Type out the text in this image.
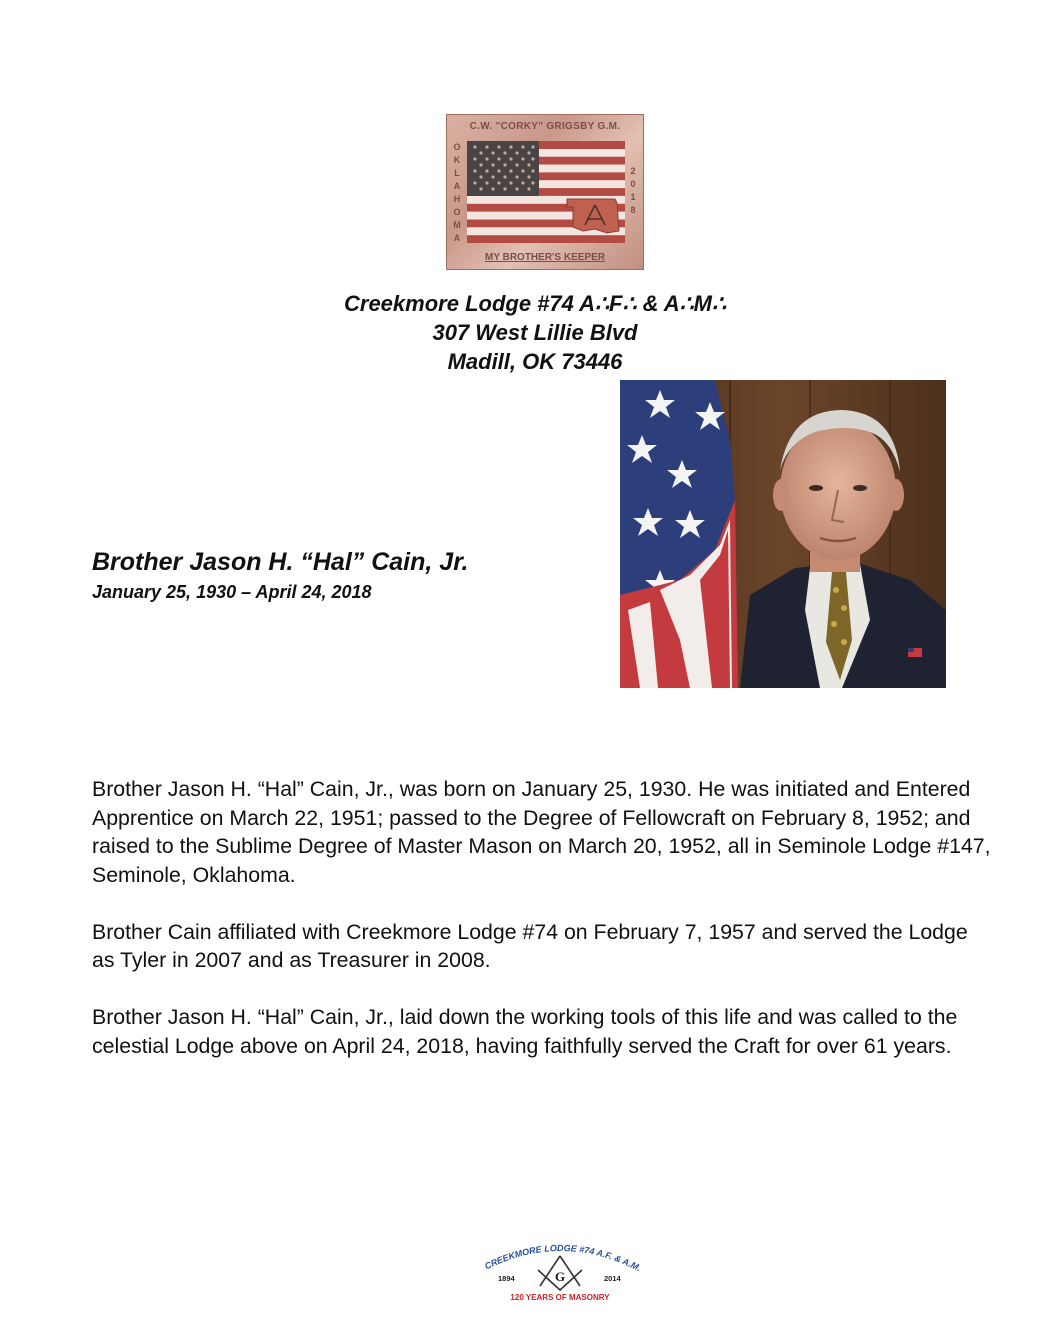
C.W. "CORKY" GRIGSBY G.M.
OKLAHOMA
2018
MY BROTHER'S KEEPER
Creekmore Lodge #74 A∴F∴ & A∴M∴
307 West Lillie Blvd
Madill, OK 73446
Brother Jason H. “Hal” Cain, Jr.
January 25, 1930 – April 24, 2018

Brother Jason H. “Hal” Cain, Jr., was born on January 25, 1930. He was initiated and Entered Apprentice on March 22, 1951; passed to the Degree of Fellowcraft on February 8, 1952; and raised to the Sublime Degree of Master Mason on March 20, 1952, all in Seminole Lodge #147, Seminole, Oklahoma.

Brother Cain affiliated with Creekmore Lodge #74 on February 7, 1957 and served the Lodge as Tyler in 2007 and as Treasurer in 2008.

Brother Jason H. “Hal” Cain, Jr., laid down the working tools of this life and was called to the celestial Lodge above on April 24, 2018, having faithfully served the Craft for over 61 years.

CREEKMORE LODGE #74 A.F. & A.M.
1894	2014
G
120 YEARS OF MASONRY
